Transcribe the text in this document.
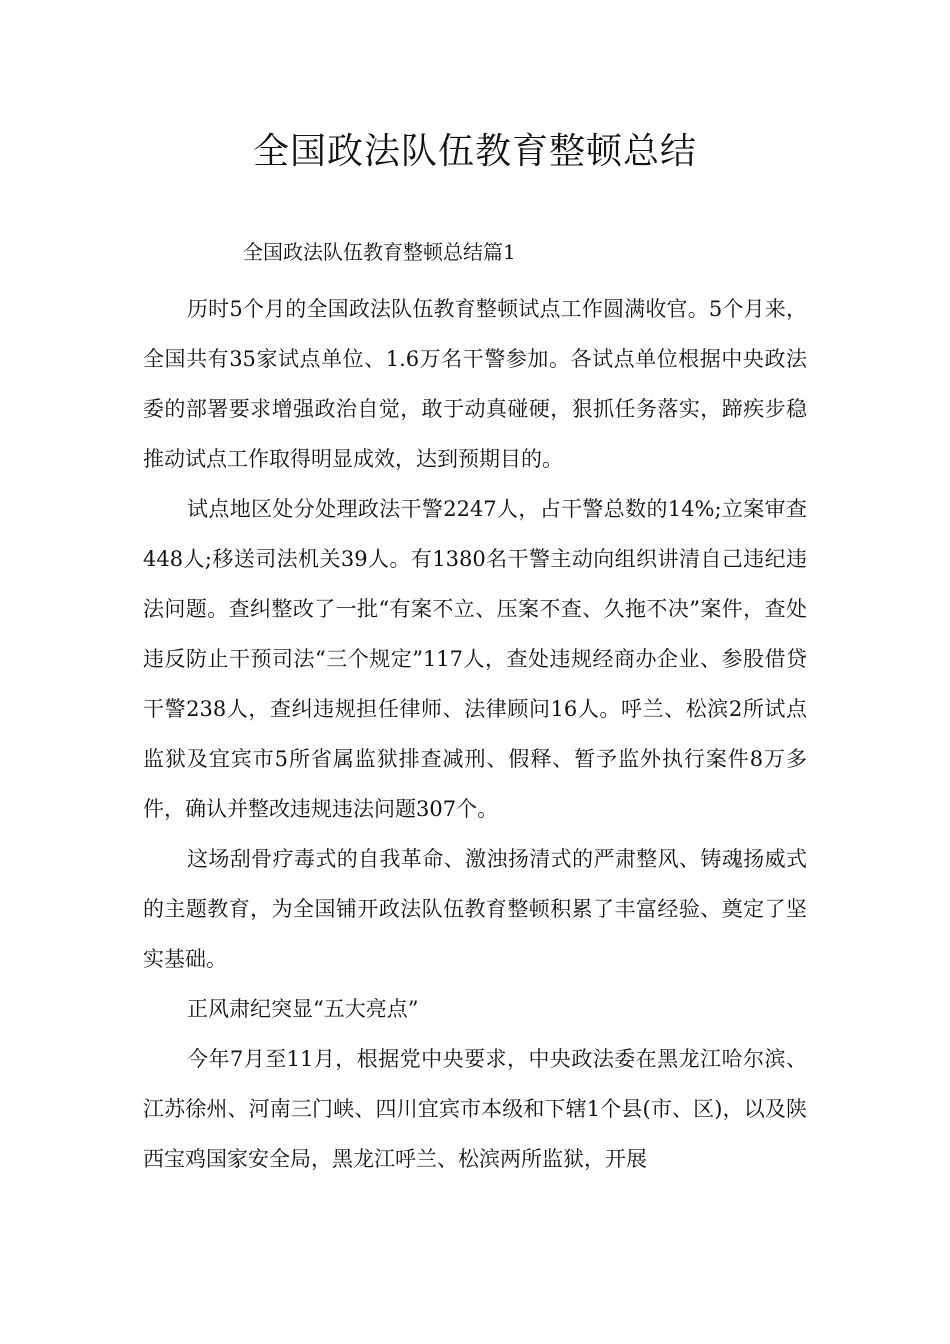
全国政法队伍教育整顿总结

全国政法队伍教育整顿总结篇1

历时5个月的全国政法队伍教育整顿试点工作圆满收官。5个月来，全国共有35家试点单位、1.6万名干警参加。各试点单位根据中央政法委的部署要求增强政治自觉，敢于动真碰硬，狠抓任务落实，蹄疾步稳推动试点工作取得明显成效，达到预期目的。

试点地区处分处理政法干警2247人，占干警总数的14%;立案审查448人;移送司法机关39人。有1380名干警主动向组织讲清自己违纪违法问题。查纠整改了一批“有案不立、压案不查、久拖不决”案件，查处违反防止干预司法“三个规定”117人，查处违规经商办企业、参股借贷干警238人，查纠违规担任律师、法律顾问16人。呼兰、松滨2所试点监狱及宜宾市5所省属监狱排查减刑、假释、暂予监外执行案件8万多件，确认并整改违规违法问题307个。

这场刮骨疗毒式的自我革命、激浊扬清式的严肃整风、铸魂扬威式的主题教育，为全国铺开政法队伍教育整顿积累了丰富经验、奠定了坚实基础。

正风肃纪突显“五大亮点”

今年7月至11月，根据党中央要求，中央政法委在黑龙江哈尔滨、江苏徐州、河南三门峡、四川宜宾市本级和下辖1个县(市、区)，以及陕西宝鸡国家安全局，黑龙江呼兰、松滨两所监狱，开展
